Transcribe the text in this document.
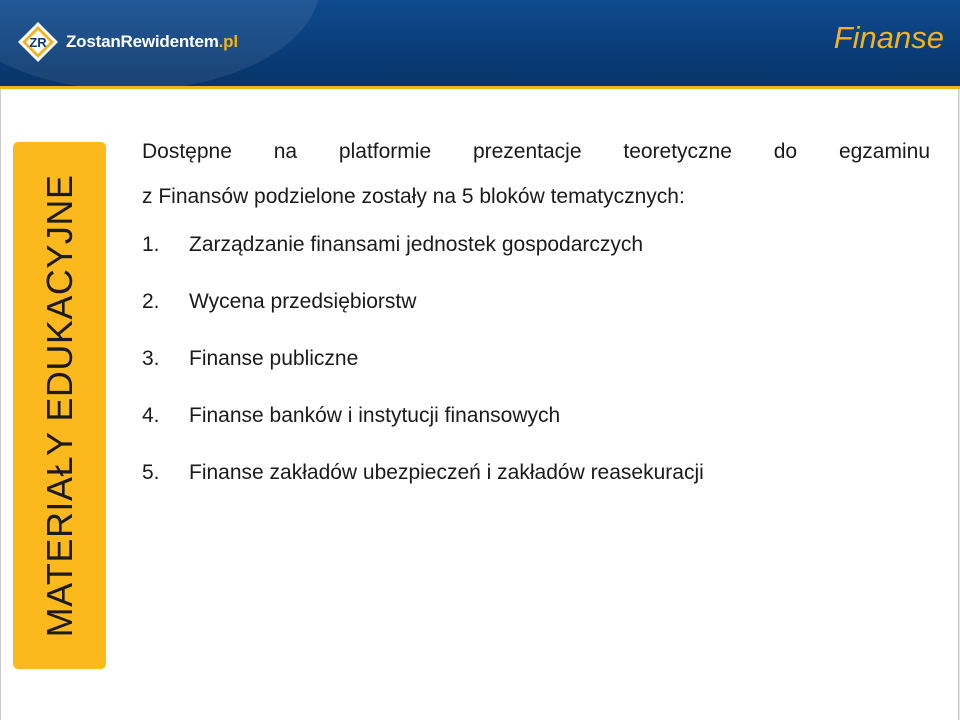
ZR ZostanRewidentem.pl	Finanse
MATERIAŁY EDUKACYJNE
Dostępne na platformie prezentacje teoretyczne do egzaminu
z Finansów podzielone zostały na 5 bloków tematycznych:
1.	Zarządzanie finansami jednostek gospodarczych
2.	Wycena przedsiębiorstw
3.	Finanse publiczne
4.	Finanse banków i instytucji finansowych
5.	Finanse zakładów ubezpieczeń i zakładów reasekuracji
